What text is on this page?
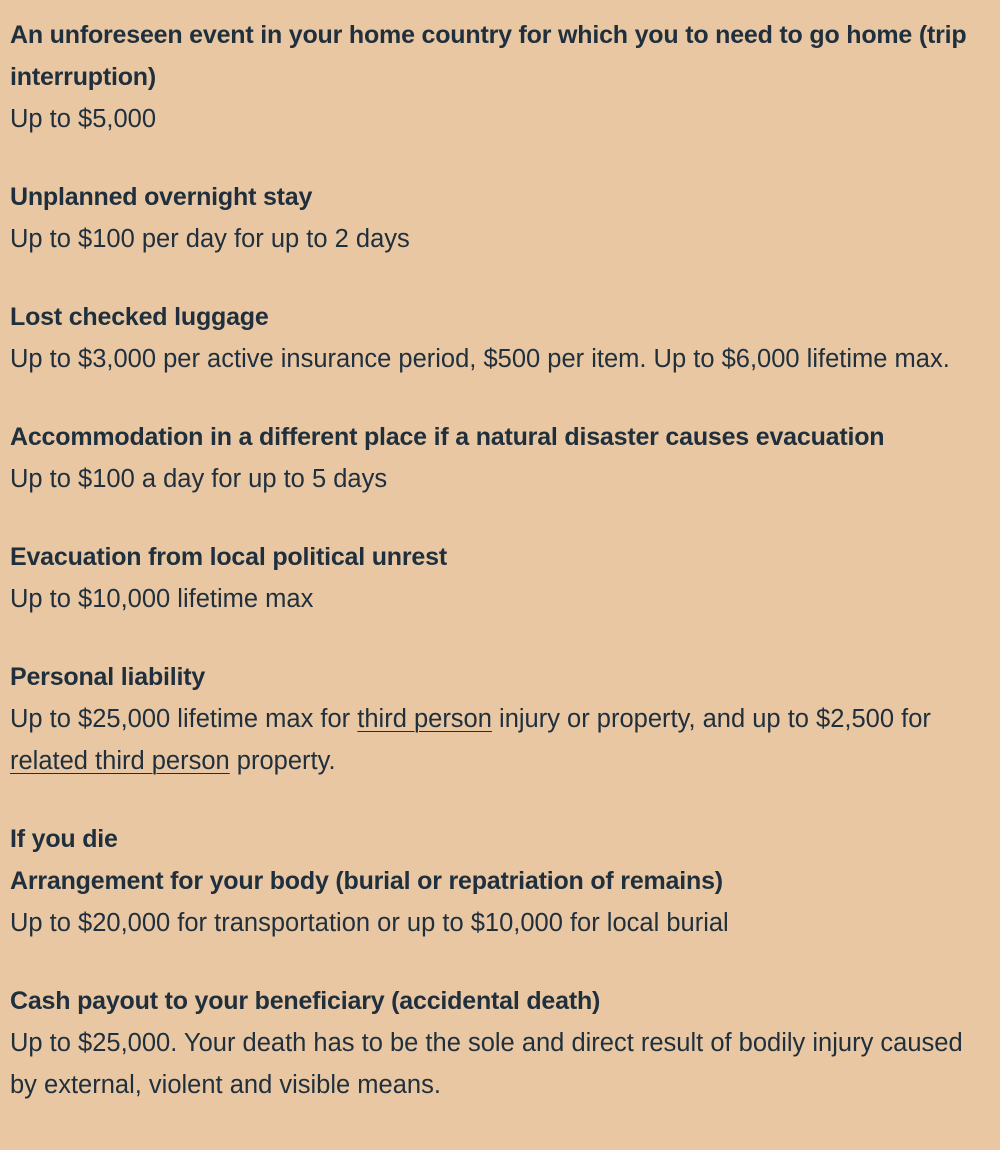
An unforeseen event in your home country for which you to need to go home (trip interruption)
Up to $5,000
Unplanned overnight stay
Up to $100 per day for up to 2 days
Lost checked luggage
Up to $3,000 per active insurance period, $500 per item. Up to $6,000 lifetime max.
Accommodation in a different place if a natural disaster causes evacuation
Up to $100 a day for up to 5 days
Evacuation from local political unrest
Up to $10,000 lifetime max
Personal liability
Up to $25,000 lifetime max for third person injury or property, and up to $2,500 for related third person property.
If you die
Arrangement for your body (burial or repatriation of remains)
Up to $20,000 for transportation or up to $10,000 for local burial
Cash payout to your beneficiary (accidental death)
Up to $25,000. Your death has to be the sole and direct result of bodily injury caused by external, violent and visible means.
